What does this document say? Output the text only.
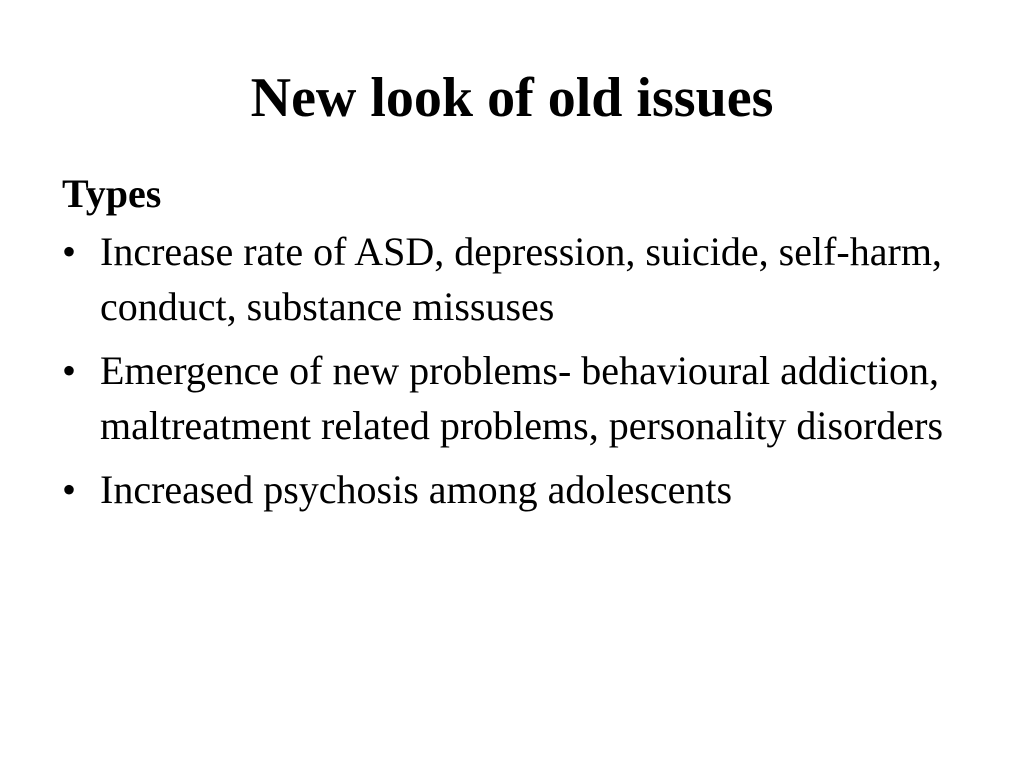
New look of old issues
Types
• Increase rate of ASD, depression, suicide, self-harm, conduct, substance missuses
• Emergence of new problems- behavioural addiction, maltreatment related problems, personality disorders
• Increased psychosis among adolescents
